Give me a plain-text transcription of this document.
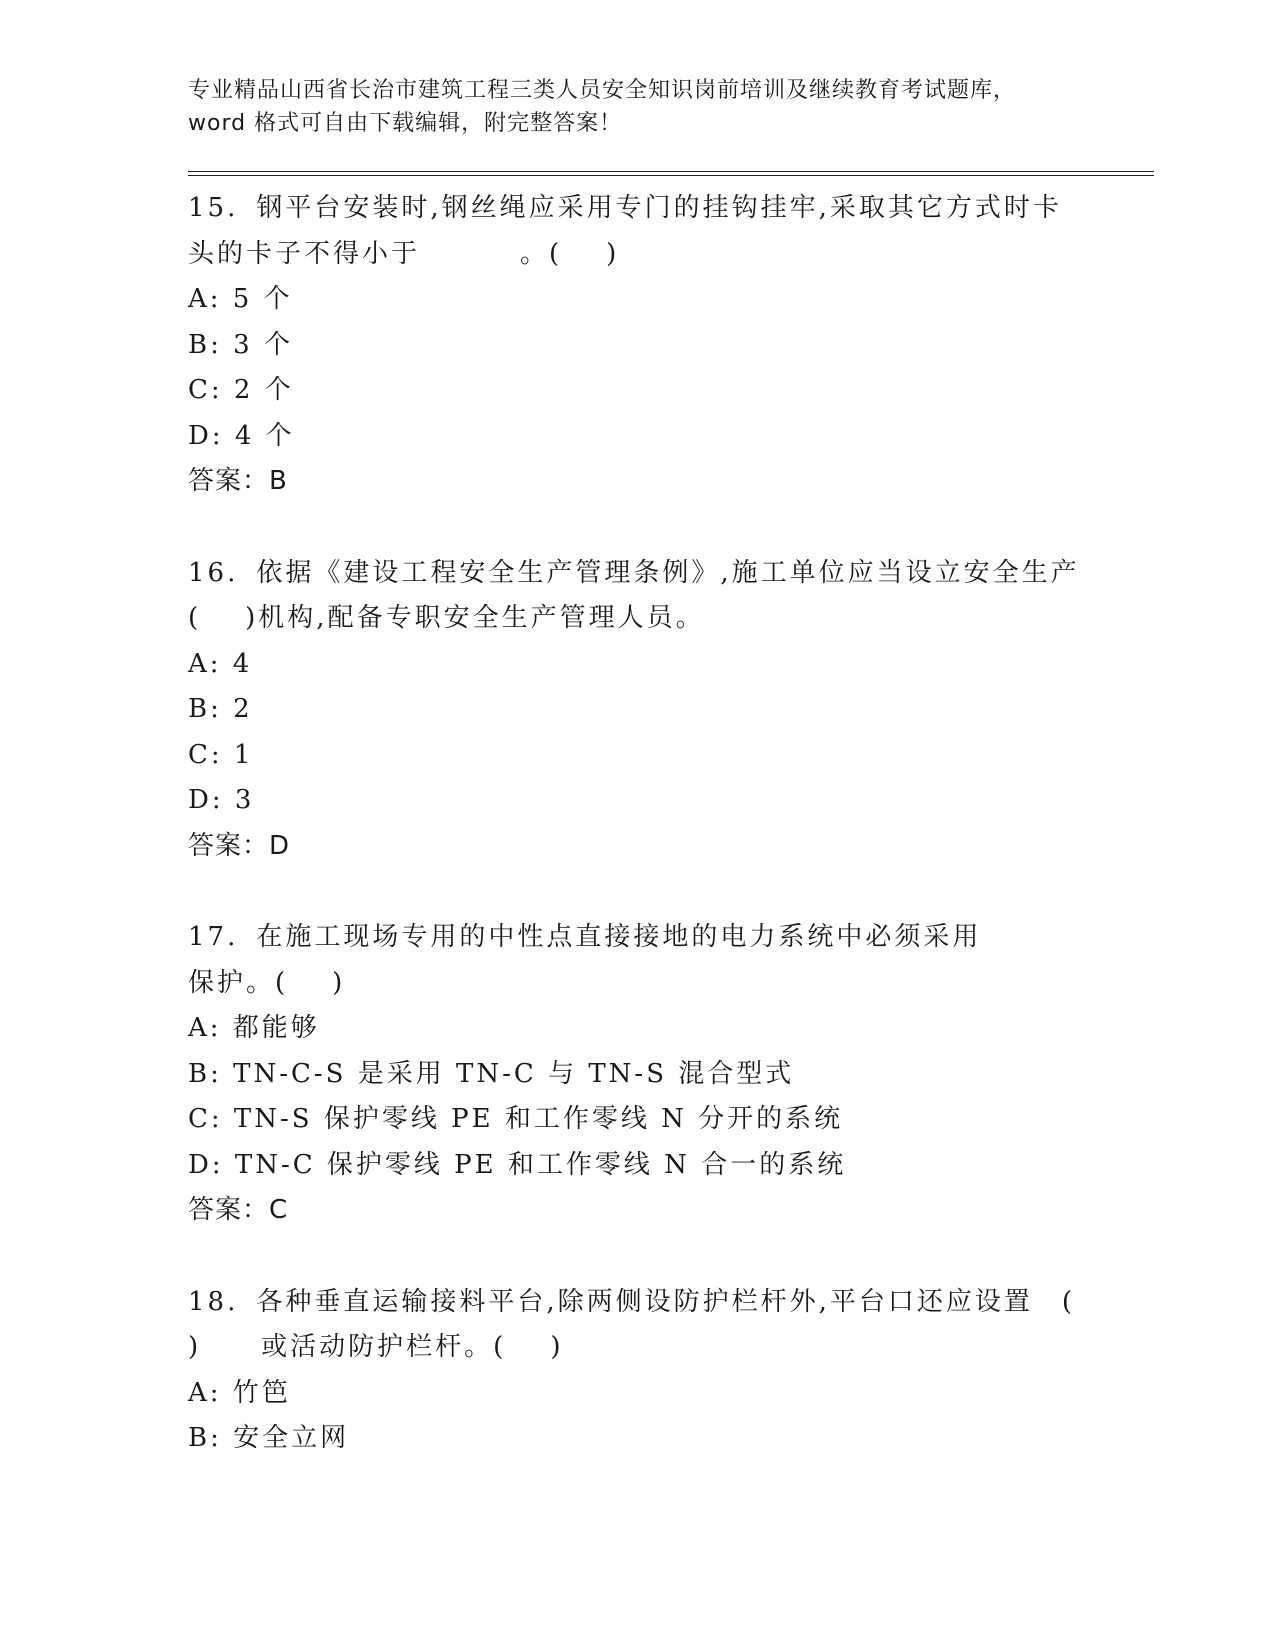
专业精品山西省长治市建筑工程三类人员安全知识岗前培训及继续教育考试题库，
word 格式可自由下载编辑，附完整答案！
15. 钢平台安装时,钢丝绳应采用专门的挂钩挂牢,采取其它方式时卡
头的卡子不得小于	。( )
A: 5 个
B: 3 个
C: 2 个
D: 4 个
答案：B
16. 依据《建设工程安全生产管理条例》,施工单位应当设立安全生产
( )机构,配备专职安全生产管理人员。
A: 4
B: 2
C: 1
D: 3
答案：D
17. 在施工现场专用的中性点直接接地的电力系统中必须采用
保护。( )
A: 都能够
B: TN-C-S 是采用 TN-C 与 TN-S 混合型式
C: TN-S 保护零线 PE 和工作零线 N 分开的系统
D: TN-C 保护零线 PE 和工作零线 N 合一的系统
答案：C
18. 各种垂直运输接料平台,除两侧设防护栏杆外,平台口还应设置　(
) 或活动防护栏杆。( )
A: 竹笆
B: 安全立网
